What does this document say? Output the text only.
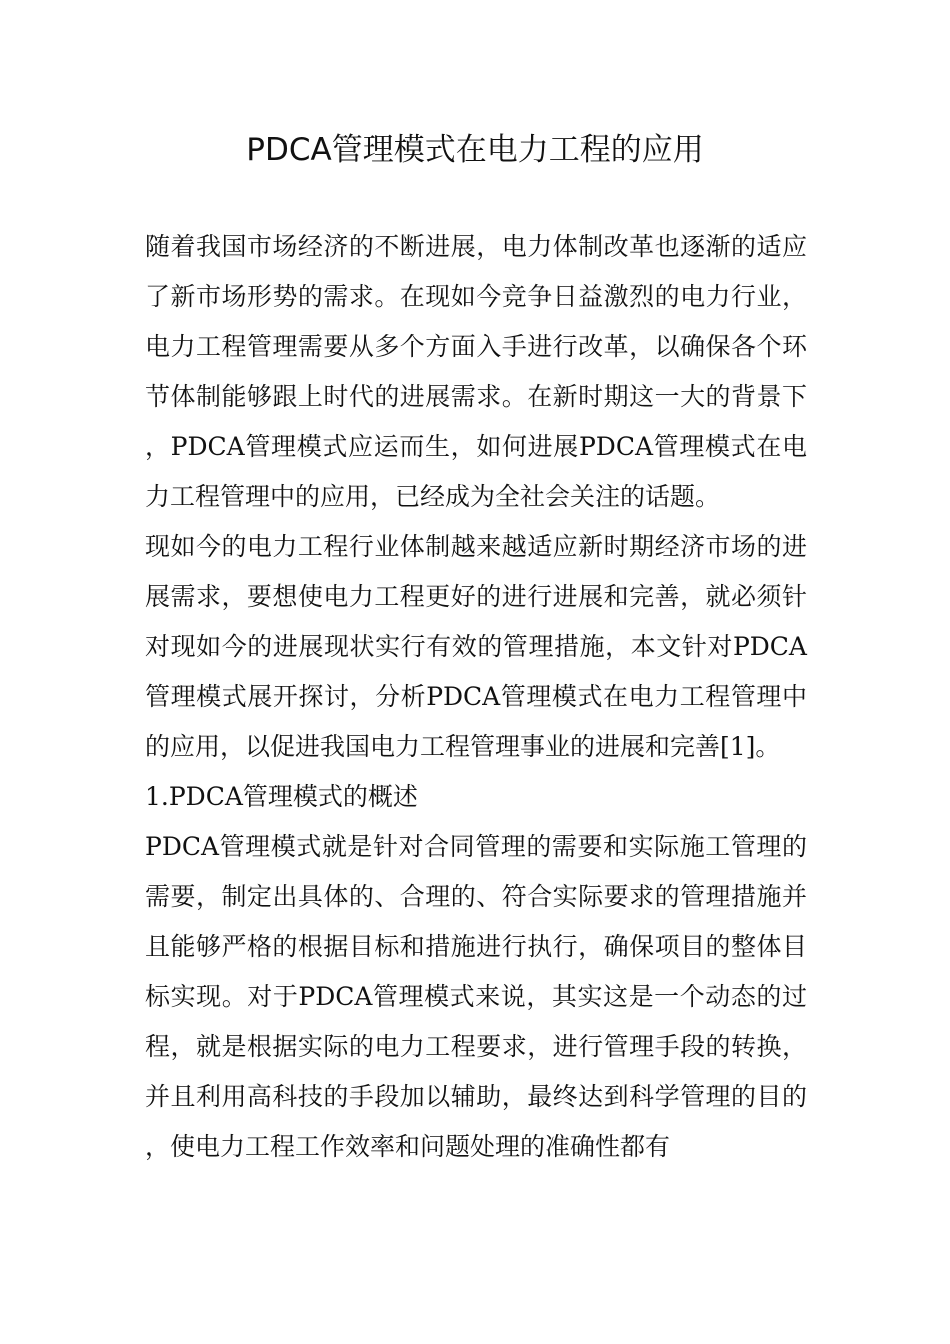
PDCA管理模式在电力工程的应用

随着我国市场经济的不断进展，电力体制改革也逐渐的适应了新市场形势的需求。在现如今竞争日益激烈的电力行业，电力工程管理需要从多个方面入手进行改革，以确保各个环节体制能够跟上时代的进展需求。在新时期这一大的背景下，PDCA管理模式应运而生，如何进展PDCA管理模式在电力工程管理中的应用，已经成为全社会关注的话题。

现如今的电力工程行业体制越来越适应新时期经济市场的进展需求，要想使电力工程更好的进行进展和完善，就必须针对现如今的进展现状实行有效的管理措施，本文针对PDCA管理模式展开探讨，分析PDCA管理模式在电力工程管理中的应用，以促进我国电力工程管理事业的进展和完善[1]。

1.PDCA管理模式的概述

PDCA管理模式就是针对合同管理的需要和实际施工管理的需要，制定出具体的、合理的、符合实际要求的管理措施并且能够严格的根据目标和措施进行执行，确保项目的整体目标实现。对于PDCA管理模式来说，其实这是一个动态的过程，就是根据实际的电力工程要求，进行管理手段的转换，并且利用高科技的手段加以辅助，最终达到科学管理的目的，使电力工程工作效率和问题处理的准确性都有
